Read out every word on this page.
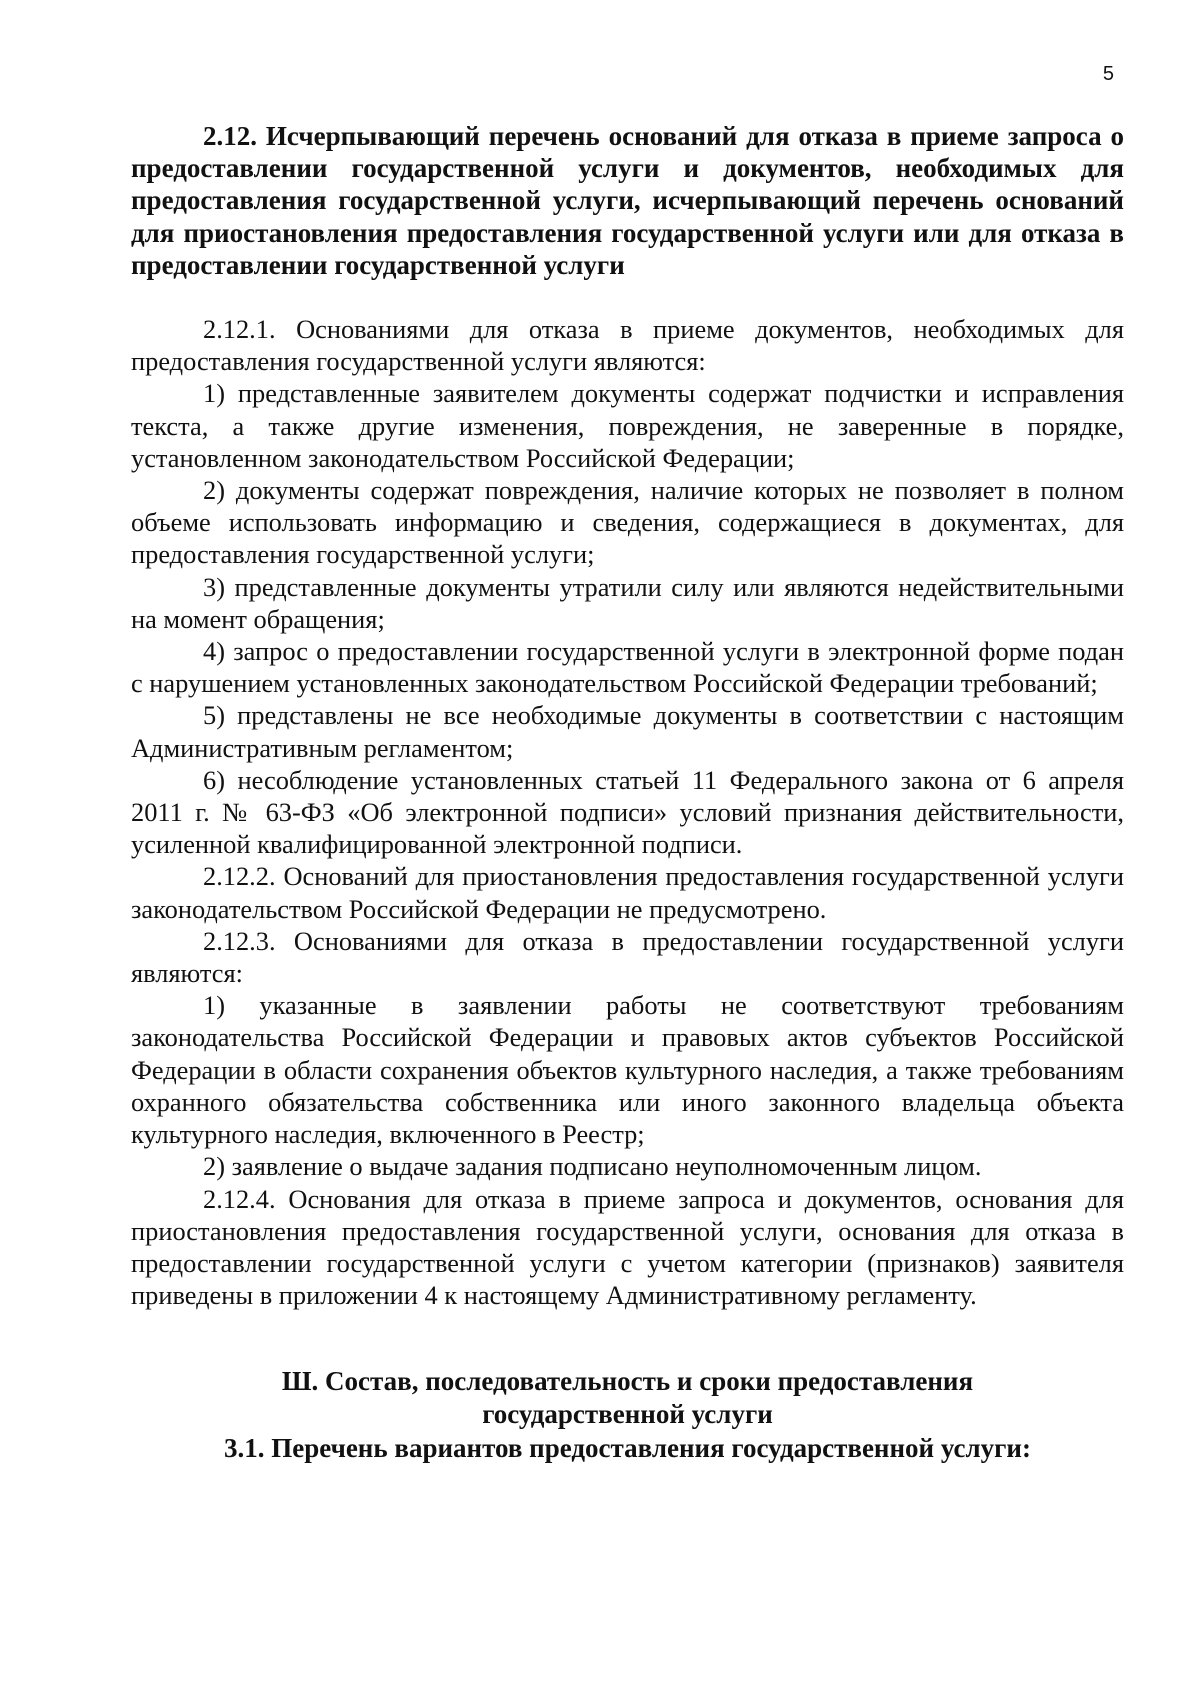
5

2.12. Исчерпывающий перечень оснований для отказа в приеме запроса о предоставлении государственной услуги и документов, необходимых для предоставления государственной услуги, исчерпывающий перечень оснований для приостановления предоставления государственной услуги или для отказа в предоставлении государственной услуги

2.12.1. Основаниями для отказа в приеме документов, необходимых для предоставления государственной услуги являются:

1) представленные заявителем документы содержат подчистки и исправления текста, а также другие изменения, повреждения, не заверенные в порядке, установленном законодательством Российской Федерации;

2) документы содержат повреждения, наличие которых не позволяет в полном объеме использовать информацию и сведения, содержащиеся в документах, для предоставления государственной услуги;

3) представленные документы утратили силу или являются недействительными на момент обращения;

4) запрос о предоставлении государственной услуги в электронной форме подан с нарушением установленных законодательством Российской Федерации требований;

5) представлены не все необходимые документы в соответствии с настоящим Административным регламентом;

6) несоблюдение установленных статьей 11 Федерального закона от 6 апреля 2011 г. № 63-ФЗ «Об электронной подписи» условий признания действительности, усиленной квалифицированной электронной подписи.

2.12.2. Оснований для приостановления предоставления государственной услуги законодательством Российской Федерации не предусмотрено.

2.12.3. Основаниями для отказа в предоставлении государственной услуги являются:

1) указанные в заявлении работы не соответствуют требованиям законодательства Российской Федерации и правовых актов субъектов Российской Федерации в области сохранения объектов культурного наследия, а также требованиям охранного обязательства собственника или иного законного владельца объекта культурного наследия, включенного в Реестр;

2) заявление о выдаче задания подписано неуполномоченным лицом.

2.12.4. Основания для отказа в приеме запроса и документов, основания для приостановления предоставления государственной услуги, основания для отказа в предоставлении государственной услуги с учетом категории (признаков) заявителя приведены в приложении 4 к настоящему Административному регламенту.

Ш. Состав, последовательность и сроки предоставления
государственной услуги
3.1. Перечень вариантов предоставления государственной услуги:
